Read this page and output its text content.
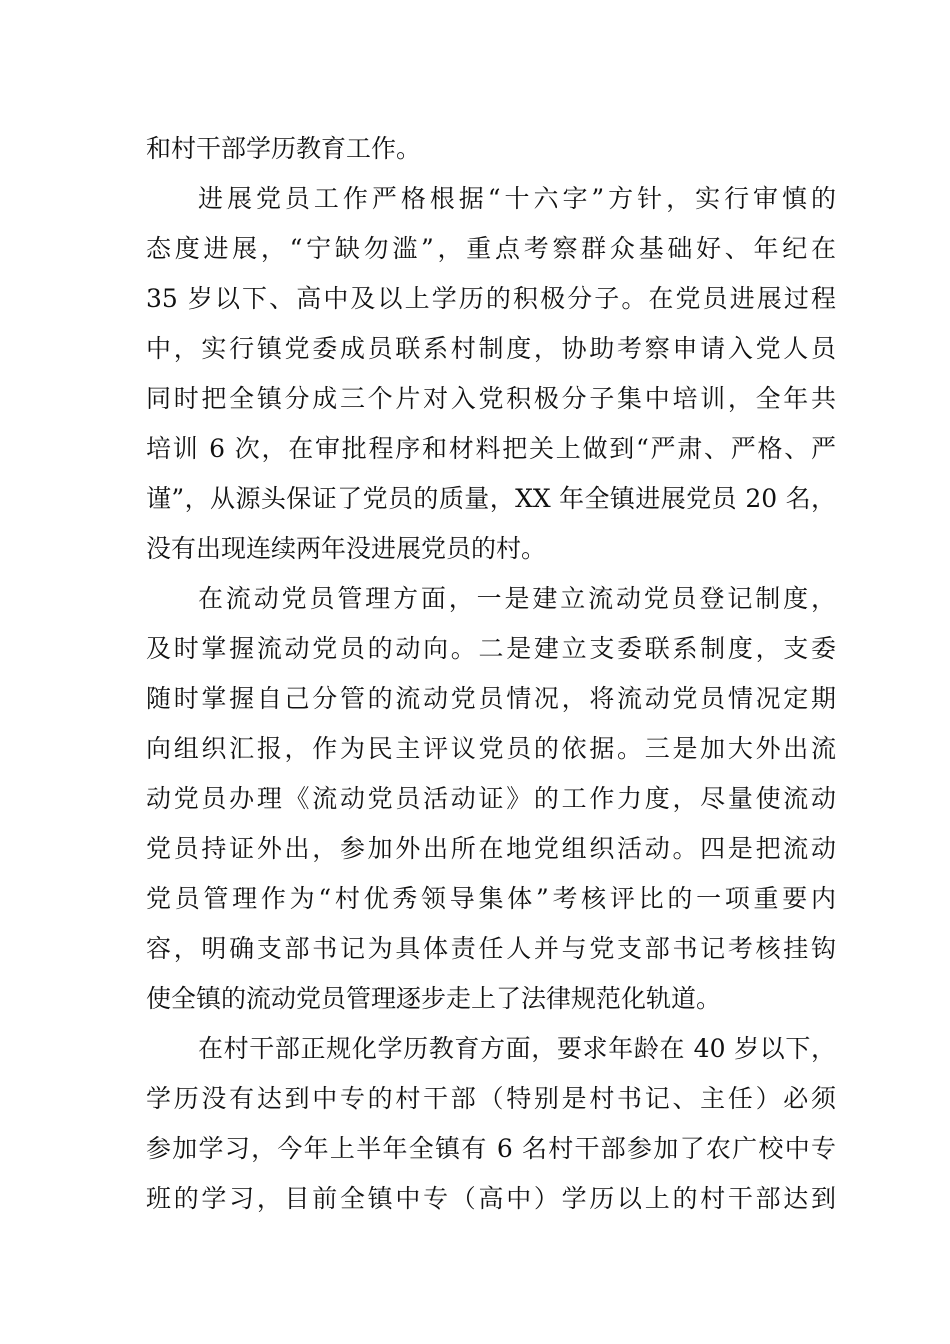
和村干部学历教育工作。
进展党员工作严格根据“十六字”方针，实行审慎的
态度进展，“宁缺勿滥”，重点考察群众基础好、年纪在
35 岁以下、高中及以上学历的积极分子。在党员进展过程
中，实行镇党委成员联系村制度，协助考察申请入党人员
同时把全镇分成三个片对入党积极分子集中培训，全年共
培训 6 次，在审批程序和材料把关上做到“严肃、严格、严
谨”，从源头保证了党员的质量，XX 年全镇进展党员 20 名，
没有出现连续两年没进展党员的村。
在流动党员管理方面，一是建立流动党员登记制度，
及时掌握流动党员的动向。二是建立支委联系制度，支委
随时掌握自己分管的流动党员情况，将流动党员情况定期
向组织汇报，作为民主评议党员的依据。三是加大外出流
动党员办理《流动党员活动证》的工作力度，尽量使流动
党员持证外出，参加外出所在地党组织活动。四是把流动
党员管理作为“村优秀领导集体”考核评比的一项重要内
容，明确支部书记为具体责任人并与党支部书记考核挂钩
使全镇的流动党员管理逐步走上了法律规范化轨道。
在村干部正规化学历教育方面，要求年龄在 40 岁以下，
学历没有达到中专的村干部（特别是村书记、主任）必须
参加学习，今年上半年全镇有 6 名村干部参加了农广校中专
班的学习，目前全镇中专（高中）学历以上的村干部达到
